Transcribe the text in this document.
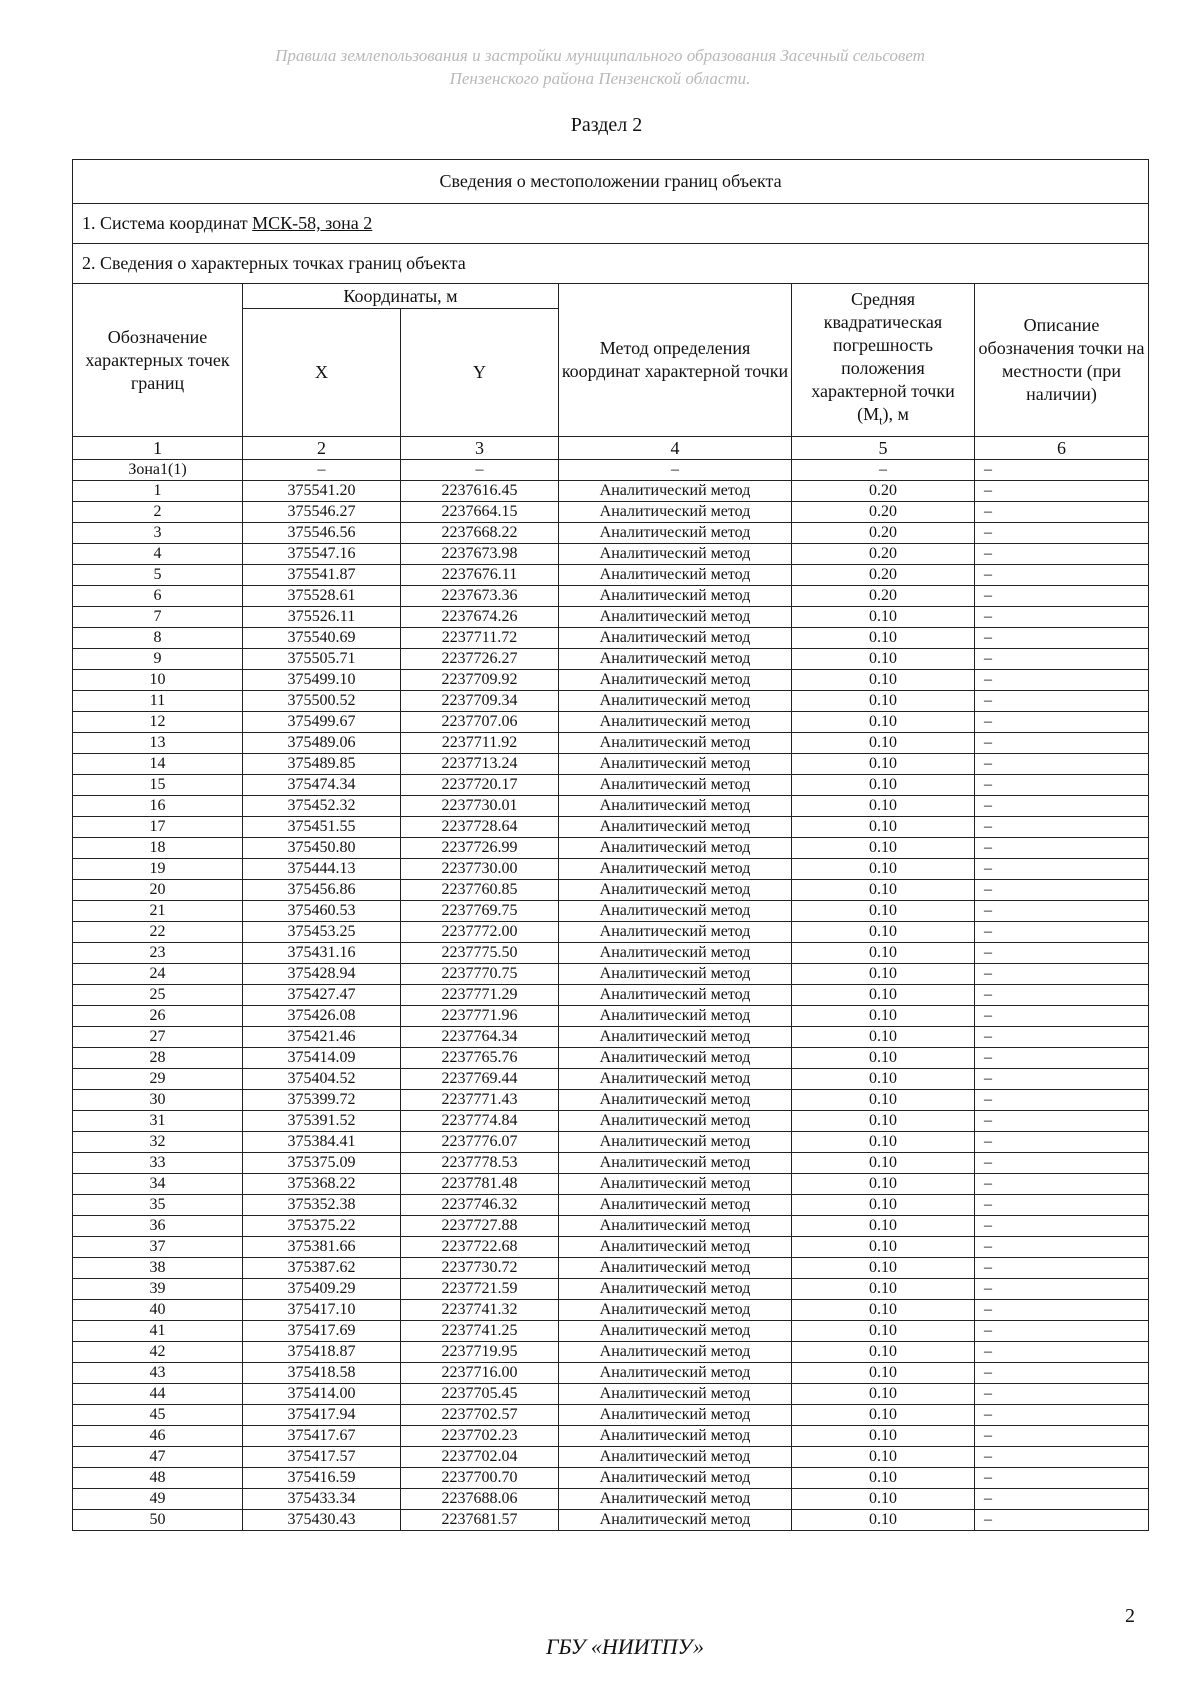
Правила землепользования и застройки муниципального образования Засечный сельсовет
Пензенского района Пензенской области.
Раздел 2
Сведения о местоположении границ объекта					
1. Система координат МСК-58, зона 2					
2. Сведения о характерных точках границ объекта					
Обозначение характерных точек границ	Координаты, м		Метод определения координат характерной точки	Средняя квадратическая погрешность положения характерной точки $(M_t)$, м	Описание обозначения точки на местности (при наличии)
	X	Y			
1	2	3	4	5	6
Зона1(1)	–	–	–	–	–
1	375541.20	2237616.45	Аналитический метод	0.20	–
2	375546.27	2237664.15	Аналитический метод	0.20	–
3	375546.56	2237668.22	Аналитический метод	0.20	–
4	375547.16	2237673.98	Аналитический метод	0.20	–
5	375541.87	2237676.11	Аналитический метод	0.20	–
6	375528.61	2237673.36	Аналитический метод	0.20	–
7	375526.11	2237674.26	Аналитический метод	0.10	–
8	375540.69	2237711.72	Аналитический метод	0.10	–
9	375505.71	2237726.27	Аналитический метод	0.10	–
10	375499.10	2237709.92	Аналитический метод	0.10	–
11	375500.52	2237709.34	Аналитический метод	0.10	–
12	375499.67	2237707.06	Аналитический метод	0.10	–
13	375489.06	2237711.92	Аналитический метод	0.10	–
14	375489.85	2237713.24	Аналитический метод	0.10	–
15	375474.34	2237720.17	Аналитический метод	0.10	–
16	375452.32	2237730.01	Аналитический метод	0.10	–
17	375451.55	2237728.64	Аналитический метод	0.10	–
18	375450.80	2237726.99	Аналитический метод	0.10	–
19	375444.13	2237730.00	Аналитический метод	0.10	–
20	375456.86	2237760.85	Аналитический метод	0.10	–
21	375460.53	2237769.75	Аналитический метод	0.10	–
22	375453.25	2237772.00	Аналитический метод	0.10	–
23	375431.16	2237775.50	Аналитический метод	0.10	–
24	375428.94	2237770.75	Аналитический метод	0.10	–
25	375427.47	2237771.29	Аналитический метод	0.10	–
26	375426.08	2237771.96	Аналитический метод	0.10	–
27	375421.46	2237764.34	Аналитический метод	0.10	–
28	375414.09	2237765.76	Аналитический метод	0.10	–
29	375404.52	2237769.44	Аналитический метод	0.10	–
30	375399.72	2237771.43	Аналитический метод	0.10	–
31	375391.52	2237774.84	Аналитический метод	0.10	–
32	375384.41	2237776.07	Аналитический метод	0.10	–
33	375375.09	2237778.53	Аналитический метод	0.10	–
34	375368.22	2237781.48	Аналитический метод	0.10	–
35	375352.38	2237746.32	Аналитический метод	0.10	–
36	375375.22	2237727.88	Аналитический метод	0.10	–
37	375381.66	2237722.68	Аналитический метод	0.10	–
38	375387.62	2237730.72	Аналитический метод	0.10	–
39	375409.29	2237721.59	Аналитический метод	0.10	–
40	375417.10	2237741.32	Аналитический метод	0.10	–
41	375417.69	2237741.25	Аналитический метод	0.10	–
42	375418.87	2237719.95	Аналитический метод	0.10	–
43	375418.58	2237716.00	Аналитический метод	0.10	–
44	375414.00	2237705.45	Аналитический метод	0.10	–
45	375417.94	2237702.57	Аналитический метод	0.10	–
46	375417.67	2237702.23	Аналитический метод	0.10	–
47	375417.57	2237702.04	Аналитический метод	0.10	–
48	375416.59	2237700.70	Аналитический метод	0.10	–
49	375433.34	2237688.06	Аналитический метод	0.10	–
50	375430.43	2237681.57	Аналитический метод	0.10	–
2
ГБУ «НИИТПУ»
